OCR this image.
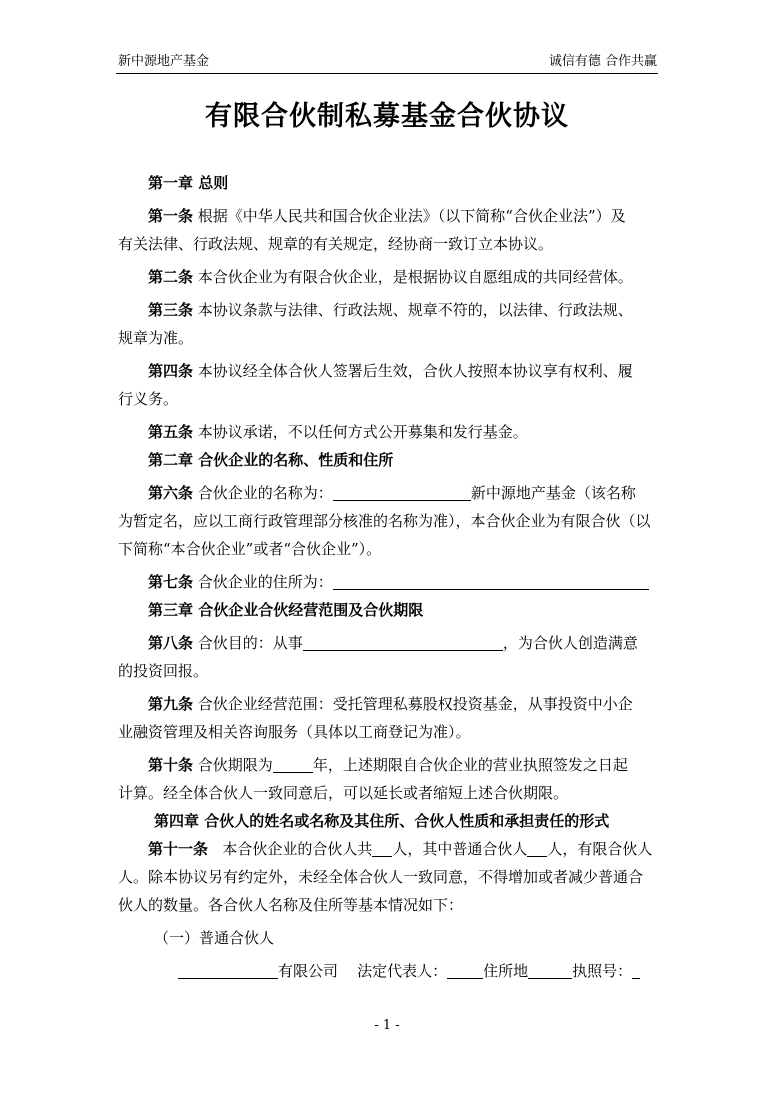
新中源地产基金	诚信有德 合作共赢
有限合伙制私募基金合伙协议

第一章 总则

第一条 根据《中华人民共和国合伙企业法》（以下简称“合伙企业法”）及
有关法律、行政法规、规章的有关规定，经协商一致订立本协议。

第二条 本合伙企业为有限合伙企业，是根据协议自愿组成的共同经营体。

第三条 本协议条款与法律、行政法规、规章不符的，以法律、行政法规、
规章为准。

第四条 本协议经全体合伙人签署后生效，合伙人按照本协议享有权利、履
行义务。

第五条 本协议承诺，不以任何方式公开募集和发行基金。

第二章 合伙企业的名称、性质和住所

第六条 合伙企业的名称为：	新中源地产基金（该名称
为暂定名，应以工商行政管理部分核准的名称为准），本合伙企业为有限合伙（以
下简称“本合伙企业”或者“合伙企业”）。

第七条 合伙企业的住所为：

第三章 合伙企业合伙经营范围及合伙期限

第八条 合伙目的：从事	，为合伙人创造满意
的投资回报。

第九条 合伙企业经营范围：受托管理私募股权投资基金，从事投资中小企
业融资管理及相关咨询服务（具体以工商登记为准）。

第十条 合伙期限为	年，上述期限自合伙企业的营业执照签发之日起
计算。经全体合伙人一致同意后，可以延长或者缩短上述合伙期限。

第四章 合伙人的姓名或名称及其住所、合伙人性质和承担责任的形式

第十一条 本合伙企业的合伙人共 人，其中普通合伙人 人，有限合伙人
人。除本协议另有约定外，未经全体合伙人一致同意，不得增加或者减少普通合
伙人的数量。各合伙人名称及住所等基本情况如下：

（一）普通合伙人

有限公司 法定代表人： 住所地	执照号：

- 1 -
